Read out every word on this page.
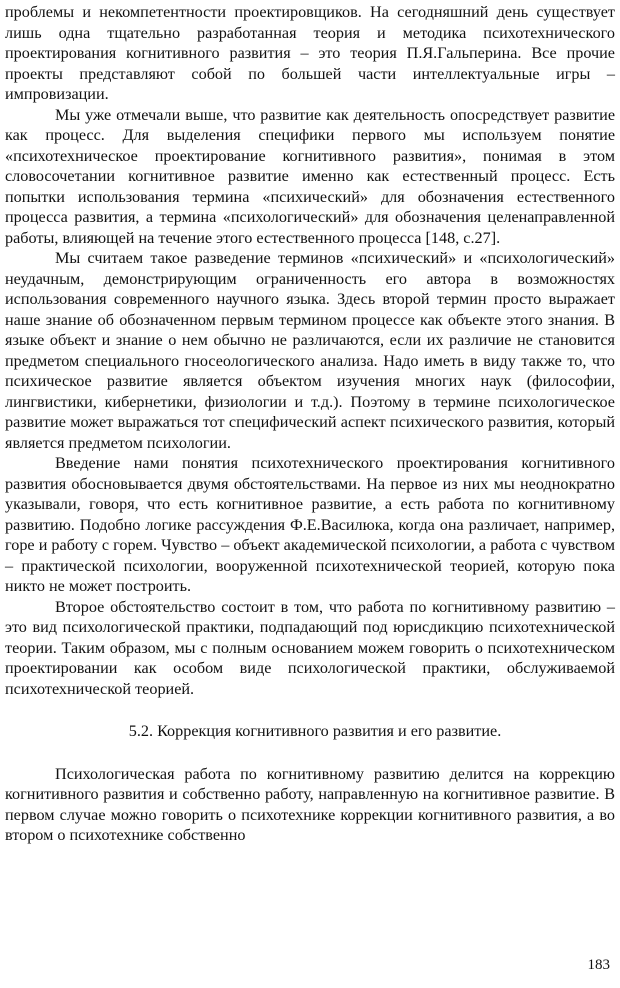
проблемы и некомпетентности проектировщиков. На сегодняшний день существует лишь одна тщательно разработанная теория и методика психотехнического проектирования когнитивного развития – это теория П.Я.Гальперина. Все прочие проекты представляют собой по большей части интеллектуальные игры – импровизации.

Мы уже отмечали выше, что развитие как деятельность опосредствует развитие как процесс. Для выделения специфики первого мы используем понятие «психотехническое проектирование когнитивного развития», понимая в этом словосочетании когнитивное развитие именно как естественный процесс. Есть попытки использования термина «психический» для обозначения естественного процесса развития, а термина «психологический» для обозначения целенаправленной работы, влияющей на течение этого естественного процесса [148, с.27].

Мы считаем такое разведение терминов «психический» и «психологический» неудачным, демонстрирующим ограниченность его автора в возможностях использования современного научного языка. Здесь второй термин просто выражает наше знание об обозначенном первым термином процессе как объекте этого знания. В языке объект и знание о нем обычно не различаются, если их различие не становится предметом специального гносеологического анализа. Надо иметь в виду также то, что психическое развитие является объектом изучения многих наук (философии, лингвистики, кибернетики, физиологии и т.д.). Поэтому в термине психологическое развитие может выражаться тот специфический аспект психического развития, который является предметом психологии.

Введение нами понятия психотехнического проектирования когнитивного развития обосновывается двумя обстоятельствами. На первое из них мы неоднократно указывали, говоря, что есть когнитивное развитие, а есть работа по когнитивному развитию. Подобно логике рассуждения Ф.Е.Василюка, когда она различает, например, горе и работу с горем. Чувство – объект академической психологии, а работа с чувством – практической психологии, вооруженной психотехнической теорией, которую пока никто не может построить.

Второе обстоятельство состоит в том, что работа по когнитивному развитию – это вид психологической практики, подпадающий под юрисдикцию психотехнической теории. Таким образом, мы с полным основанием можем говорить о психотехническом проектировании как особом виде психологической практики, обслуживаемой психотехнической теорией.

5.2. Коррекция когнитивного развития и его развитие.

Психологическая работа по когнитивному развитию делится на коррекцию когнитивного развития и собственно работу, направленную на когнитивное развитие. В первом случае можно говорить о психотехнике коррекции когнитивного развития, а во втором о психотехнике собственно

183
